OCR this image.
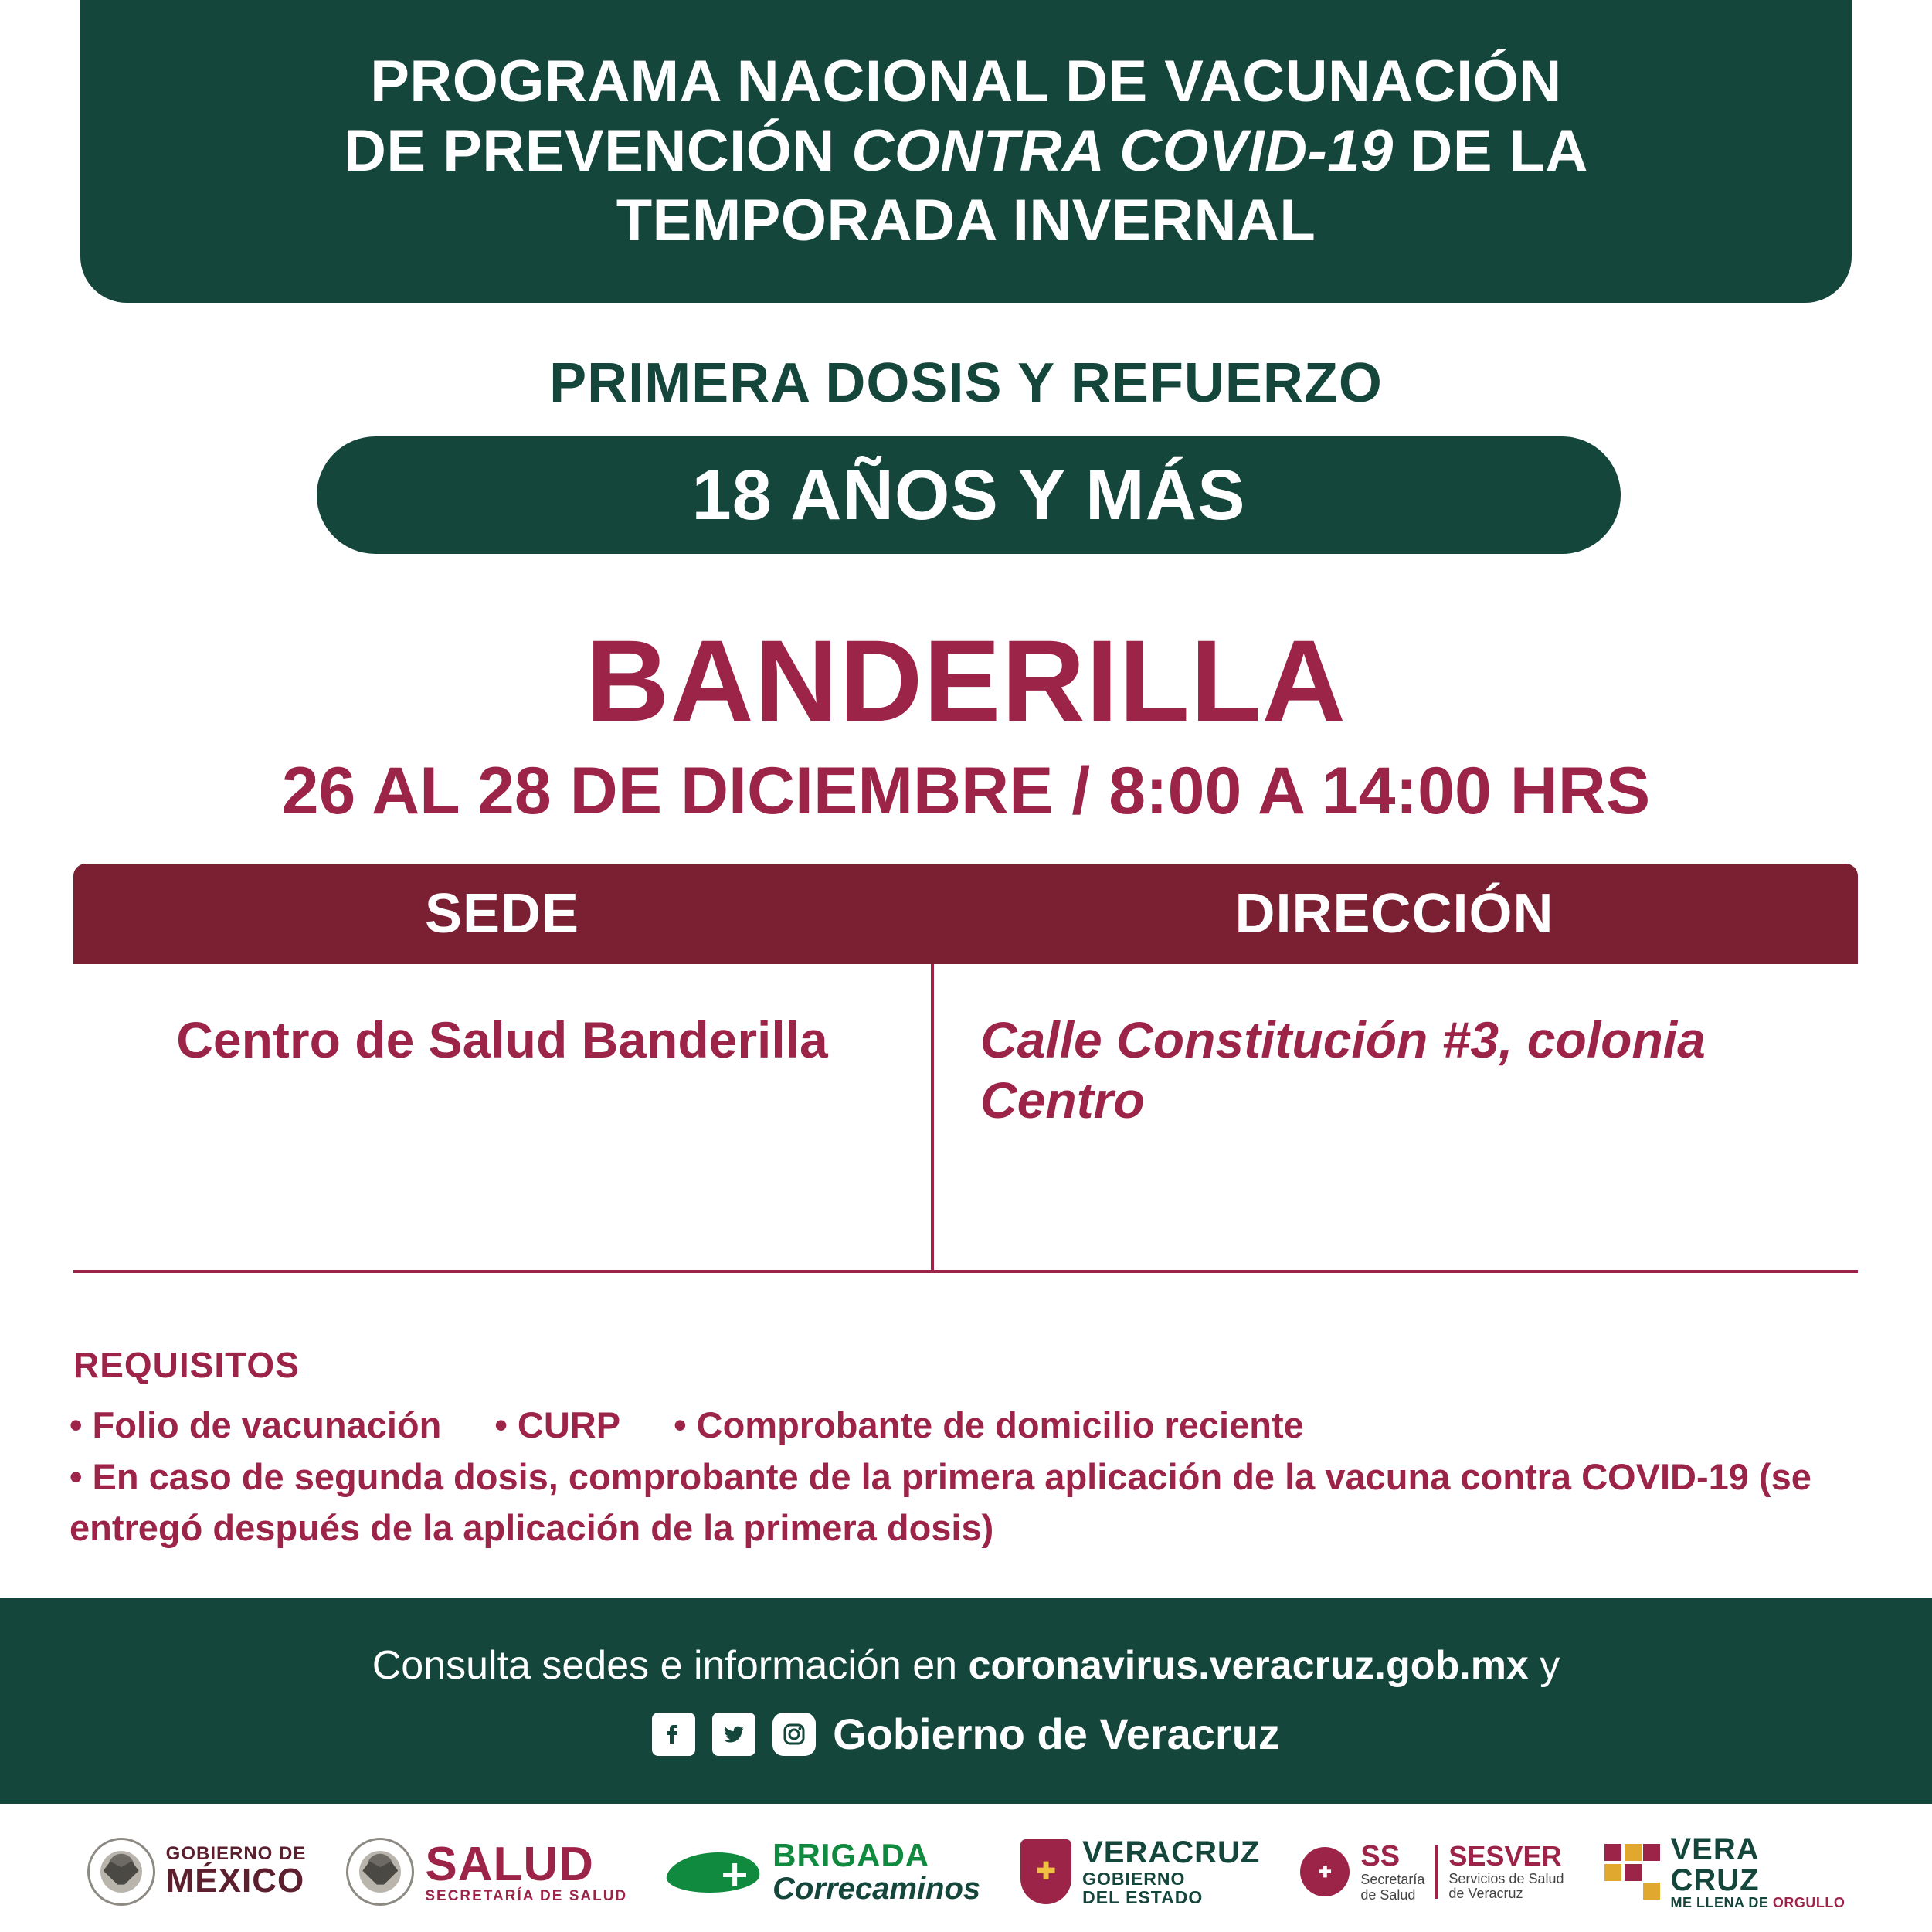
PROGRAMA NACIONAL DE VACUNACIÓN
DE PREVENCIÓN CONTRA COVID-19 DE LA
TEMPORADA INVERNAL
PRIMERA DOSIS Y REFUERZO
18 AÑOS Y MÁS
BANDERILLA
26 AL 28 DE DICIEMBRE / 8:00 A 14:00 HRS
SEDE	DIRECCIÓN
Centro de Salud Banderilla	Calle Constitución #3, colonia Centro
REQUISITOS
• Folio de vacunación • CURP • Comprobante de domicilio reciente
• En caso de segunda dosis, comprobante de la primera aplicación de la vacuna contra COVID-19 (se entregó después de la aplicación de la primera dosis)
Consulta sedes e información en coronavirus.veracruz.gob.mx y
Gobierno de Veracruz
GOBIERNO DE
MÉXICO	SALUD
SECRETARÍA DE SALUD
BRIGADA
Correcaminos
✚
VERACRUZ
GOBIERNO
DEL ESTADO
✚ SS
Secretaría
de Salud
SESVER
Servicios de Salud
de Veracruz
VERA
CRUZ
ME LLENA DE ORGULLO
